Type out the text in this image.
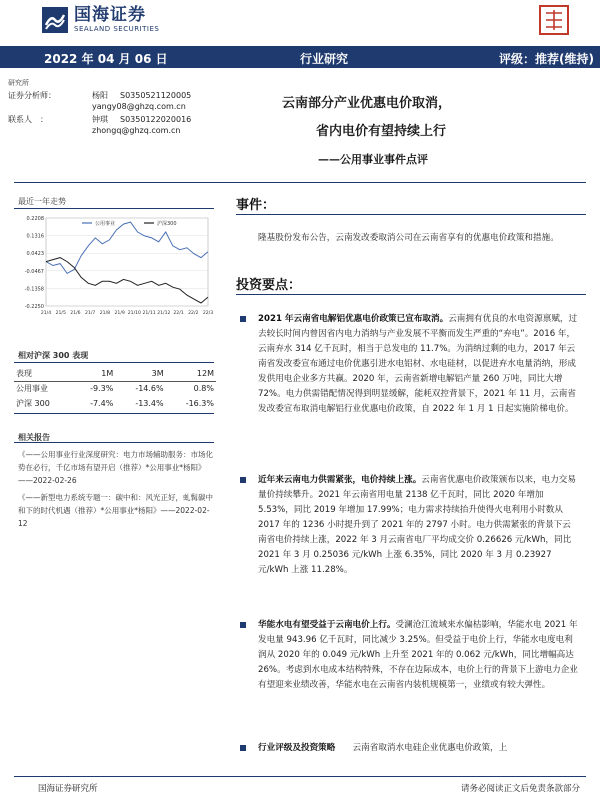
国海证券
SEALAND SECURITIES
2022 年 04 月 06 日	行业研究	评级：推荐(维持)
研究所
证券分析师：	杨阳 S0350521120005
yangy08@ghzq.com.cn
联系人　：	钟琪 S0350122020016
zhongq@ghzq.com.cn
云南部分产业优惠电价取消，
省内电价有望持续上行
——公用事业事件点评
最近一年走势
0.2208
0.1316
0.0423
-0.0467
-0.1358
-0.2250
21/4 21/5 21/6 21/7 21/8 21/9 21/10 21/11 21/12 22/1 22/2 22/3
公用事业	沪深300
相对沪深 300 表现
表现	1M	3M	12M
公用事业	-9.3%	-14.6%	0.8%
沪深 300	-7.4%	-13.4%	-16.3%
相关报告
《——公用事业行业深度研究：电力市场辅助服务：市场化势在必行，千亿市场有望开启（推荐）*公用事业*杨阳》——2022-02-26
《——新型电力系统专题一：碳中和：风光正好，虬髯碳中和下的时代机遇（推荐）*公用事业*杨阳》——2022-02-12
事件：
隆基股份发布公告，云南发改委取消公司在云南省享有的优惠电价政策和措施。
投资要点：
2021 年云南省电解铝优惠电价政策已宣布取消。云南拥有优良的水电资源禀赋，过去较长时间内曾因省内电力消纳与产业发展不平衡而发生严重的“弃电”。2016 年，云南弃水 314 亿千瓦时，相当于总发电的 11.7%。为消纳过剩的电力，2017 年云南省发改委宣布通过电价优惠引进水电铝材、水电硅材，以促进弃水电量消纳，形成发供用电企业多方共赢。2020 年，云南省新增电解铝产量 260 万吨，同比大增 72%。电力供需错配情况得到明显缓解，能耗双控背景下，2021 年 11 月，云南省发改委宣布取消电解铝行业优惠电价政策，自 2022 年 1 月 1 日起实施阶梯电价。
近年来云南电力供需紧张，电价持续上涨。云南省优惠电价政策颁布以来，电力交易量价持续攀升。2021 年云南省用电量 2138 亿千瓦时，同比 2020 年增加 5.53%，同比 2019 年增加 17.99%；电力需求持续抬升使得火电利用小时数从 2017 年的 1236 小时提升到了 2021 年的 2797 小时。电力供需紧张的背景下云南省电价持续上涨，2022 年 3 月云南省电厂平均成交价 0.26626 元/kWh，同比 2021 年 3 月 0.25036 元/kWh 上涨 6.35%，同比 2020 年 3 月 0.23927 元/kWh 上涨 11.28%。
华能水电有望受益于云南电价上行。受澜沧江流域来水偏枯影响，华能水电 2021 年发电量 943.96 亿千瓦时，同比减少 3.25%。但受益于电价上行，华能水电度电利润从 2020 年的 0.049 元/kWh 上升至 2021 年的 0.062 元/kWh，同比增幅高达 26%。考虑到水电成本结构特殊，不存在边际成本，电价上行的背景下上游电力企业有望迎来业绩改善，华能水电在云南省内装机规模第一，业绩或有较大弹性。
行业评级及投资策略　　云南省取消水电硅企业优惠电价政策，上
国海证券研究所	请务必阅读正文后免责条款部分
